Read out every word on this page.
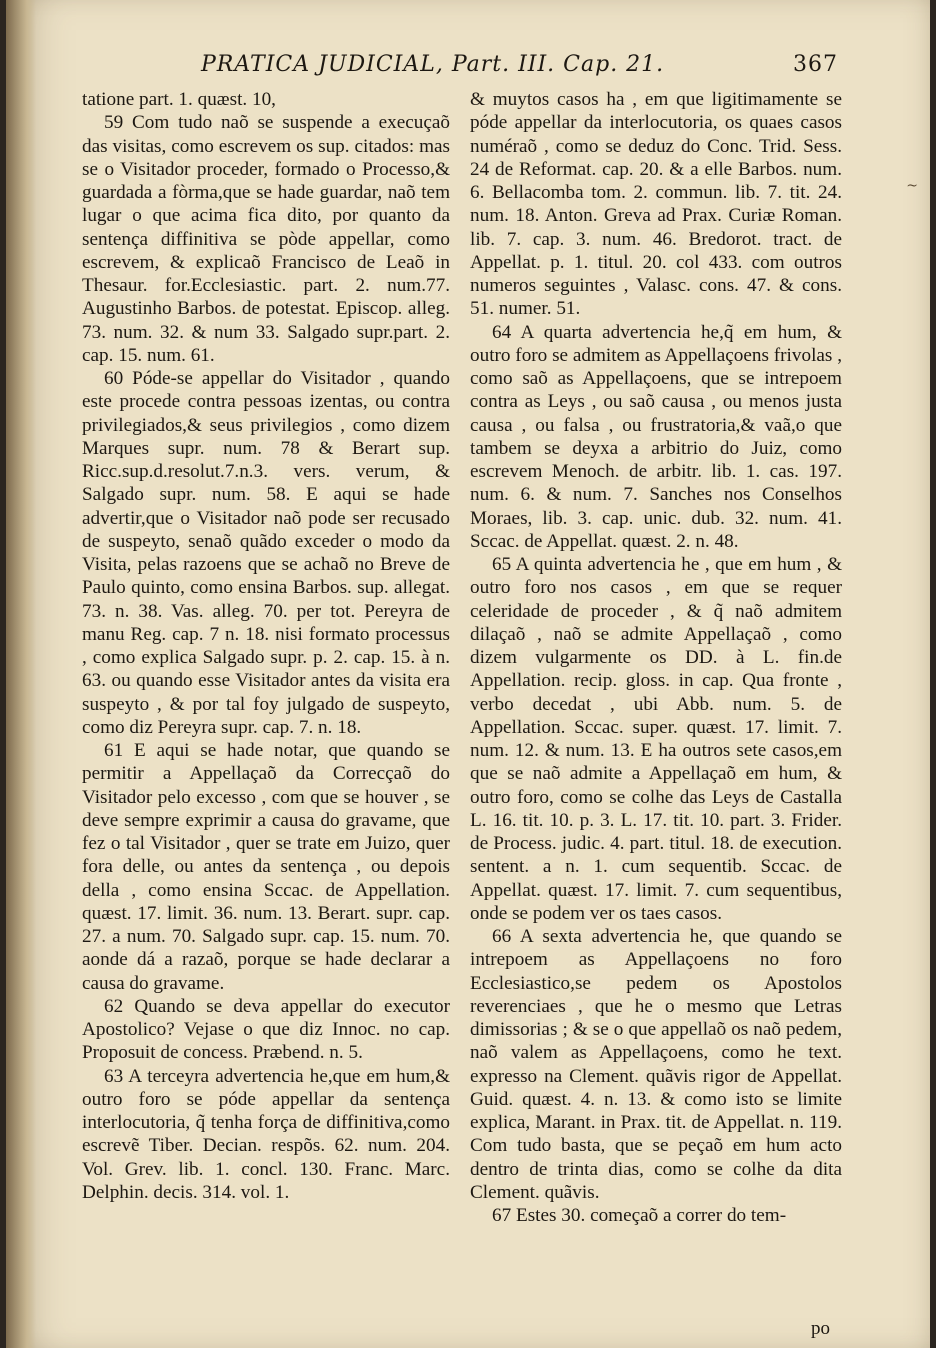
PRATICA JUDICIAL, Part. III. Cap. 21.	367

tatione part. 1. quæst. 10,

59 Com tudo naõ se suspende a execuçaõ das visitas, como escrevem os sup. citados: mas se o Visitador proceder, formado o Processo,& guardada a fòrma,que se hade guardar, naõ tem lugar o que acima fica dito, por quanto da sentença diffinitiva se pòde appellar, como escrevem, & explicaõ Francisco de Leaõ in Thesaur. for.Ecclesiastic. part. 2. num.77. Augustinho Barbos. de potestat. Episcop. alleg. 73. num. 32. & num 33. Salgado supr.part. 2. cap. 15. num. 61.

60 Póde-se appellar do Visitador , quando este procede contra pessoas izentas, ou contra privilegiados,& seus privilegios , como dizem Marques supr. num. 78 & Berart sup. Ricc.sup.d.resolut.7.n.3. vers. verum, & Salgado supr. num. 58. E aqui se hade advertir,que o Visitador naõ pode ser recusado de suspeyto, senaõ quãdo exceder o modo da Visita, pelas razoens que se achaõ no Breve de Paulo quinto, como ensina Barbos. sup. allegat. 73. n. 38. Vas. alleg. 70. per tot. Pereyra de manu Reg. cap. 7 n. 18. nisi formato processus , como explica Salgado supr. p. 2. cap. 15. à n. 63. ou quando esse Visitador antes da visita era suspeyto , & por tal foy julgado de suspeyto, como diz Pereyra supr. cap. 7. n. 18.

61 E aqui se hade notar, que quando se permitir a Appellaçaõ da Correcçaõ do Visitador pelo excesso , com que se houver , se deve sempre exprimir a causa do gravame, que fez o tal Visitador , quer se trate em Juizo, quer fora delle, ou antes da sentença , ou depois della , como ensina Sccac. de Appellation. quæst. 17. limit. 36. num. 13. Berart. supr. cap. 27. a num. 70. Salgado supr. cap. 15. num. 70. aonde dá a razaõ, porque se hade declarar a causa do gravame.

62 Quando se deva appellar do executor Apostolico? Vejase o que diz Innoc. no cap. Proposuit de concess. Præbend. n. 5.

63 A terceyra advertencia he,que em hum,& outro foro se póde appellar da sentença interlocutoria, q̃ tenha força de diffinitiva,como escrevẽ Tiber. Decian. respõs. 62. num. 204. Vol. Grev. lib. 1. concl. 130. Franc. Marc. Delphin. decis. 314. vol. 1.

& muytos casos ha , em que ligitimamente se póde appellar da interlocutoria, os quaes casos numéraõ , como se deduz do Conc. Trid. Sess. 24 de Reformat. cap. 20. & a elle Barbos. num. 6. Bellacomba tom. 2. commun. lib. 7. tit. 24. num. 18. Anton. Greva ad Prax. Curiæ Roman. lib. 7. cap. 3. num. 46. Bredorot. tract. de Appellat. p. 1. titul. 20. col 433. com outros numeros seguintes , Valasc. cons. 47. & cons. 51. numer. 51.

64 A quarta advertencia he,q̃ em hum, & outro foro se admitem as Appellaçoens frivolas , como saõ as Appellaçoens, que se intrepoem contra as Leys , ou saõ causa , ou menos justa causa , ou falsa , ou frustratoria,& vaã,o que tambem se deyxa a arbitrio do Juiz, como escrevem Menoch. de arbitr. lib. 1. cas. 197. num. 6. & num. 7. Sanches nos Conselhos Moraes, lib. 3. cap. unic. dub. 32. num. 41. Sccac. de Appellat. quæst. 2. n. 48.

65 A quinta advertencia he , que em hum , & outro foro nos casos , em que se requer celeridade de proceder , & q̃ naõ admitem dilaçaõ , naõ se admite Appellaçaõ , como dizem vulgarmente os DD. à L. fin.de Appellation. recip. gloss. in cap. Qua fronte , verbo decedat , ubi Abb. num. 5. de Appellation. Sccac. super. quæst. 17. limit. 7. num. 12. & num. 13. E ha outros sete casos,em que se naõ admite a Appellaçaõ em hum, & outro foro, como se colhe das Leys de Castalla L. 16. tit. 10. p. 3. L. 17. tit. 10. part. 3. Frider. de Process. judic. 4. part. titul. 18. de execution. sentent. a n. 1. cum sequentib. Sccac. de Appellat. quæst. 17. limit. 7. cum sequentibus, onde se podem ver os taes casos.

66 A sexta advertencia he, que quando se intrepoem as Appellaçoens no foro Ecclesiastico,se pedem os Apostolos reverenciaes , que he o mesmo que Letras dimissorias ; & se o que appellaõ os naõ pedem, naõ valem as Appellaçoens, como he text. expresso na Clement. quãvis rigor de Appellat. Guid. quæst. 4. n. 13. & como isto se limite explica, Marant. in Prax. tit. de Appellat. n. 119. Com tudo basta, que se peçaõ em hum acto dentro de trinta dias, como se colhe da dita Clement. quãvis.

67 Estes 30. começaõ a correr do tem-

po
~
